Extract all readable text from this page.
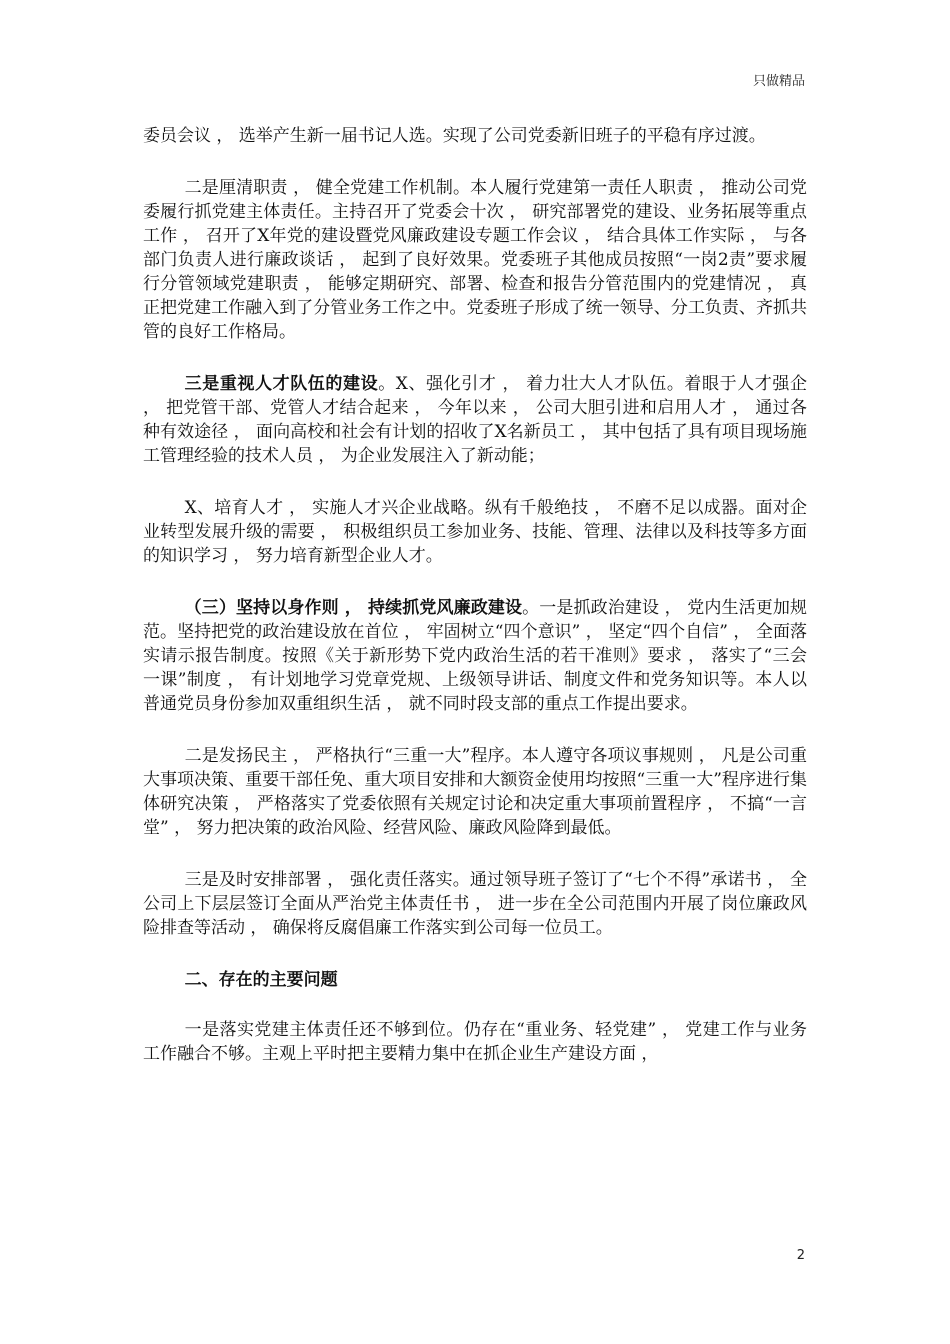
只做精品

委员会议 ， 选举产生新一届书记人选。实现了公司党委新旧班子的平稳有序过渡。

二是厘清职责 ， 健全党建工作机制。本人履行党建第一责任人职责 ， 推动公司党委履行抓党建主体责任。主持召开了党委会十次 ， 研究部署党的建设、业务拓展等重点工作 ， 召开了X年党的建设暨党风廉政建设专题工作会议 ， 结合具体工作实际 ， 与各部门负责人进行廉政谈话 ， 起到了良好效果。党委班子其他成员按照“一岗2责”要求履行分管领域党建职责 ， 能够定期研究、部署、检查和报告分管范围内的党建情况 ， 真正把党建工作融入到了分管业务工作之中。党委班子形成了统一领导、分工负责、齐抓共管的良好工作格局。

三是重视人才队伍的建设。X、强化引才 ， 着力壮大人才队伍。着眼于人才强企 ， 把党管干部、党管人才结合起来 ， 今年以来 ， 公司大胆引进和启用人才 ， 通过各种有效途径 ， 面向高校和社会有计划的招收了X名新员工 ， 其中包括了具有项目现场施工管理经验的技术人员 ， 为企业发展注入了新动能；

X、培育人才 ， 实施人才兴企业战略。纵有千般绝技 ， 不磨不足以成器。面对企业转型发展升级的需要 ， 积极组织员工参加业务、技能、管理、法律以及科技等多方面的知识学习 ， 努力培育新型企业人才。

（三）坚持以身作则 ， 持续抓党风廉政建设。一是抓政治建设 ， 党内生活更加规范。坚持把党的政治建设放在首位 ， 牢固树立“四个意识” ， 坚定“四个自信” ， 全面落实请示报告制度。按照《关于新形势下党内政治生活的若干准则》要求 ， 落实了“三会一课”制度 ， 有计划地学习党章党规、上级领导讲话、制度文件和党务知识等。本人以普通党员身份参加双重组织生活 ， 就不同时段支部的重点工作提出要求。

二是发扬民主 ， 严格执行“三重一大”程序。本人遵守各项议事规则 ， 凡是公司重大事项决策、重要干部任免、重大项目安排和大额资金使用均按照“三重一大”程序进行集体研究决策 ， 严格落实了党委依照有关规定讨论和决定重大事项前置程序 ， 不搞“一言堂” ， 努力把决策的政治风险、经营风险、廉政风险降到最低。

三是及时安排部署 ， 强化责任落实。通过领导班子签订了“七个不得”承诺书 ， 全公司上下层层签订全面从严治党主体责任书 ， 进一步在全公司范围内开展了岗位廉政风险排查等活动 ， 确保将反腐倡廉工作落实到公司每一位员工。

二、存在的主要问题

一是落实党建主体责任还不够到位。仍存在“重业务、轻党建” ， 党建工作与业务工作融合不够。主观上平时把主要精力集中在抓企业生产建设方面 ，

2
